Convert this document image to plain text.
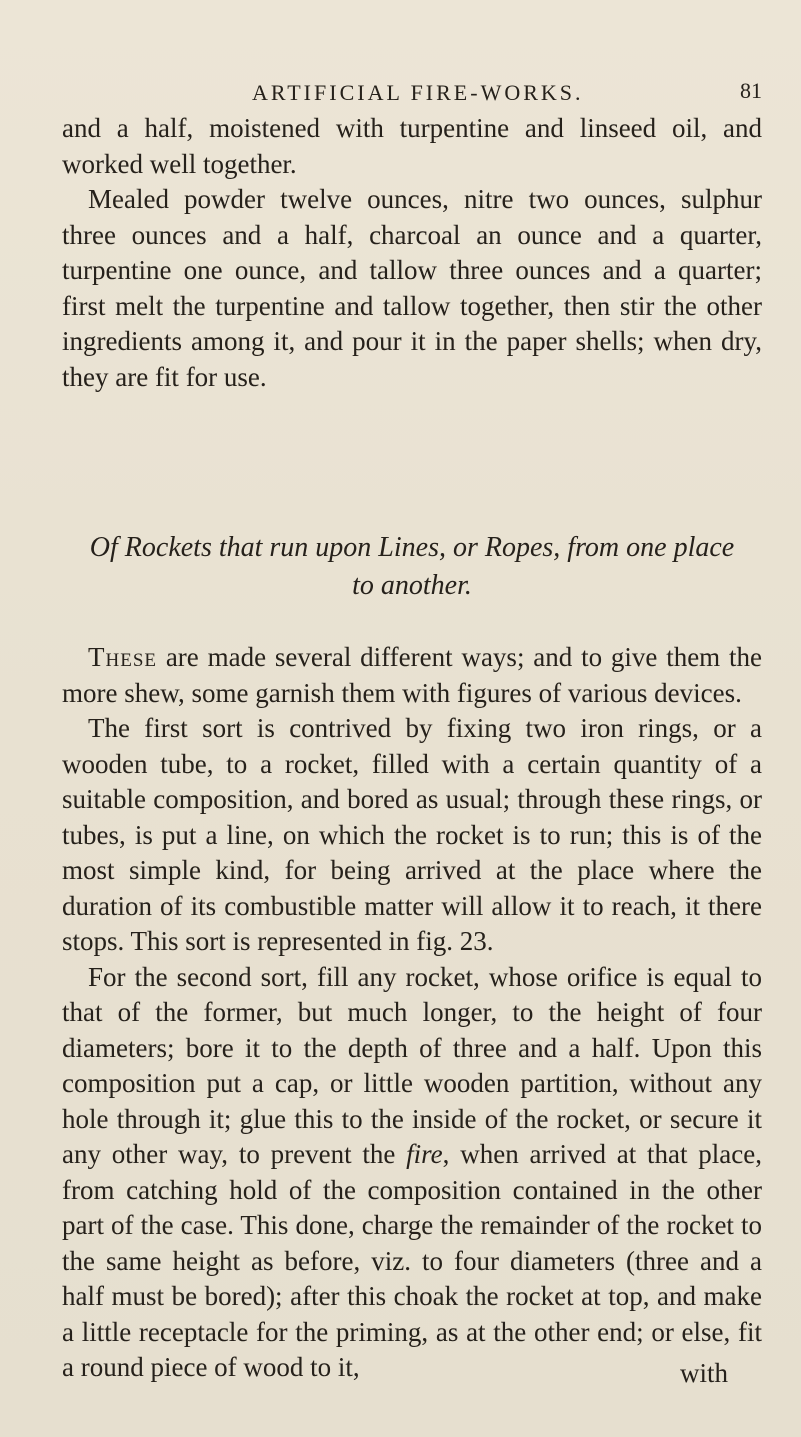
ARTIFICIAL FIRE-WORKS.	81

and a half, moistened with turpentine and linseed oil, and worked well together.

Mealed powder twelve ounces, nitre two ounces, sulphur three ounces and a half, charcoal an ounce and a quarter, turpentine one ounce, and tallow three ounces and a quarter; first melt the turpentine and tallow together, then stir the other ingredients among it, and pour it in the paper shells; when dry, they are fit for use.

Of Rockets that run upon Lines, or Ropes, from one place
to another.

These are made several different ways; and to give them the more shew, some garnish them with figures of various devices.

The first sort is contrived by fixing two iron rings, or a wooden tube, to a rocket, filled with a certain quantity of a suitable composition, and bored as usual; through these rings, or tubes, is put a line, on which the rocket is to run; this is of the most simple kind, for being arrived at the place where the duration of its combustible matter will allow it to reach, it there stops. This sort is represented in fig. 23.

For the second sort, fill any rocket, whose orifice is equal to that of the former, but much longer, to the height of four diameters; bore it to the depth of three and a half. Upon this composition put a cap, or little wooden partition, without any hole through it; glue this to the inside of the rocket, or secure it any other way, to prevent the fire, when arrived at that place, from catching hold of the composition contained in the other part of the case. This done, charge the remainder of the rocket to the same height as before, viz. to four diameters (three and a half must be bored); after this choak the rocket at top, and make a little receptacle for the priming, as at the other end; or else, fit a round piece of wood to it,	with
